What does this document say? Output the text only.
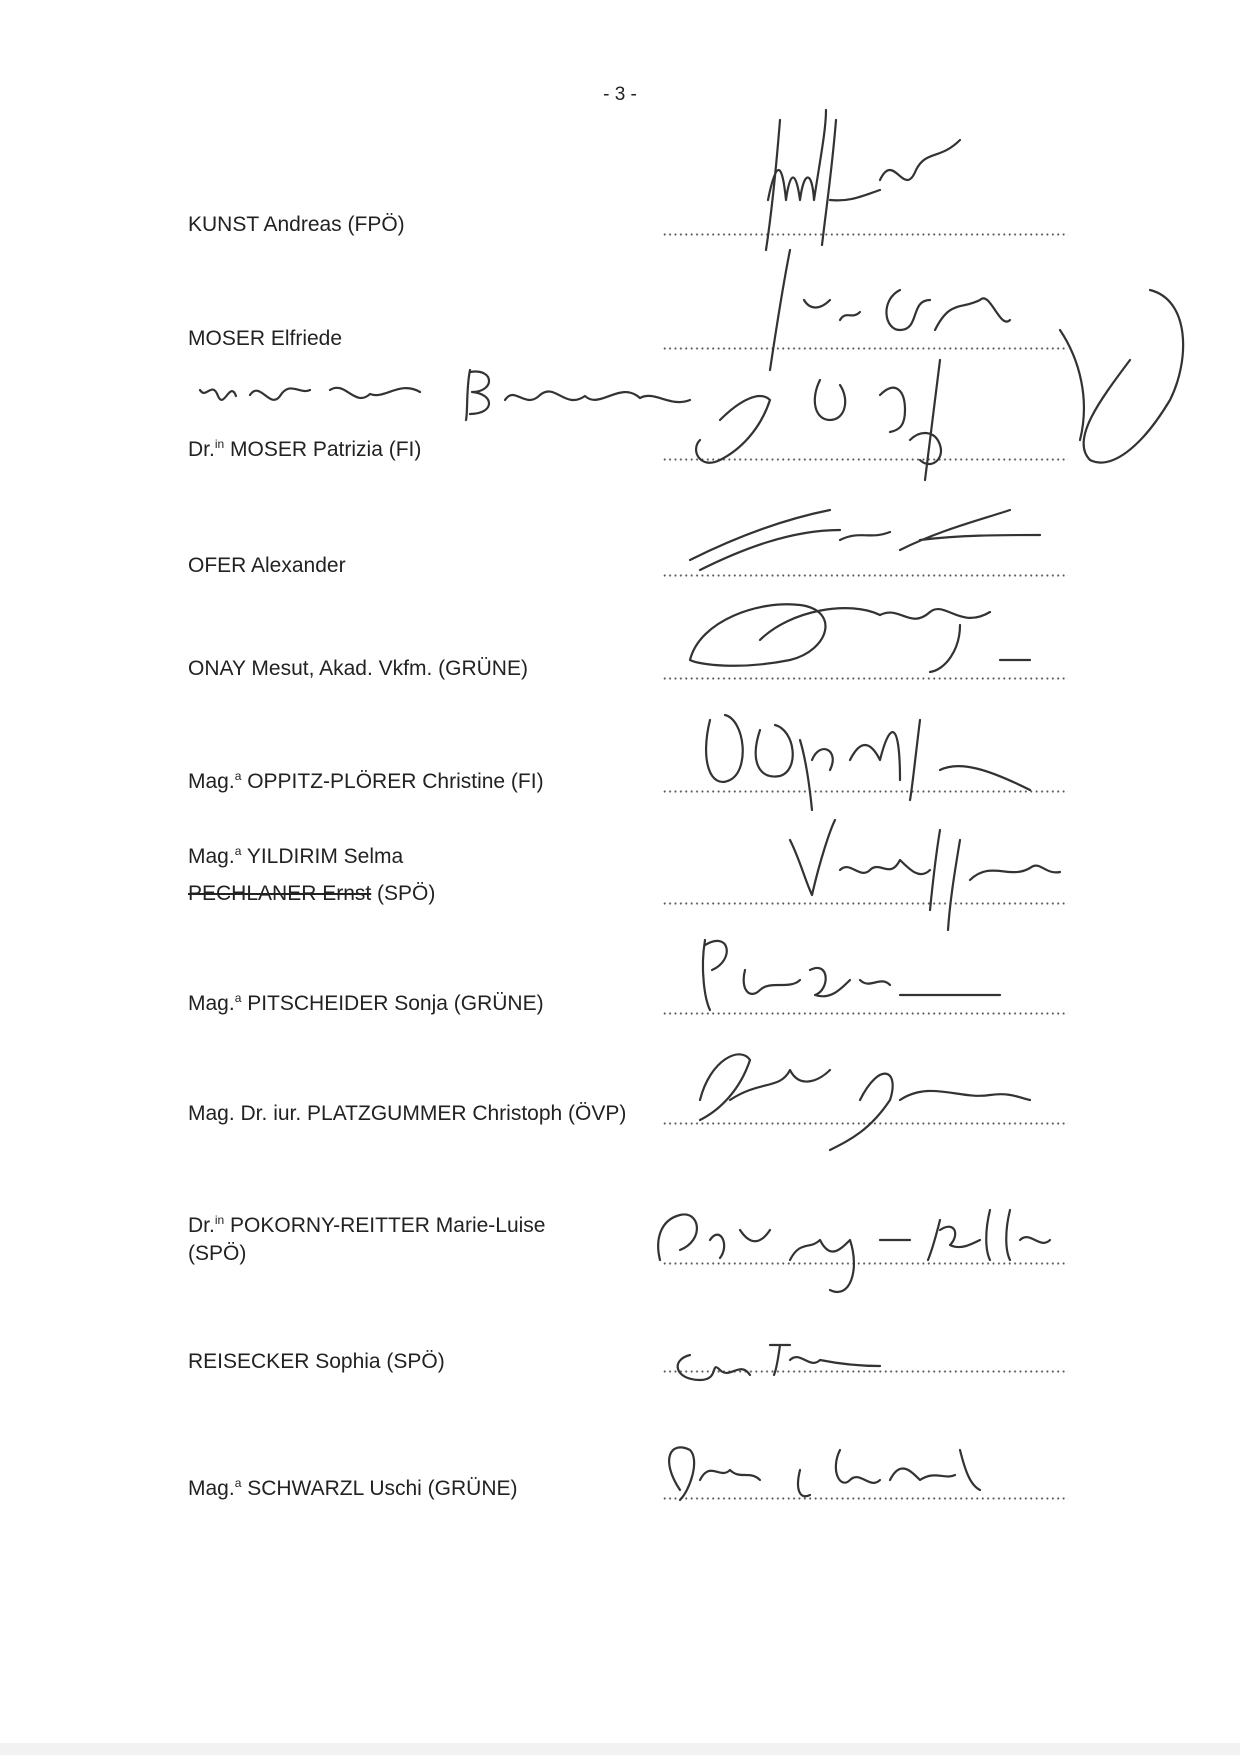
- 3 -
KUNST Andreas (FPÖ)
MOSER Elfriede
Dr.$^{in}$ MOSER Patrizia (FI)
OFER Alexander
ONAY Mesut, Akad. Vkfm. (GRÜNE)
Mag.$^a$ OPPITZ-PLÖRER Christine (FI)
Mag.$^a$ YILDIRIM Selma
PECHLANER Ernst (SPÖ)
Mag.$^a$ PITSCHEIDER Sonja (GRÜNE)
Mag. Dr. iur. PLATZGUMMER Christoph (ÖVP)
Dr.$^{in}$ POKORNY-REITTER Marie-Luise
(SPÖ)
REISECKER Sophia (SPÖ)
Mag.$^a$ SCHWARZL Uschi (GRÜNE)
